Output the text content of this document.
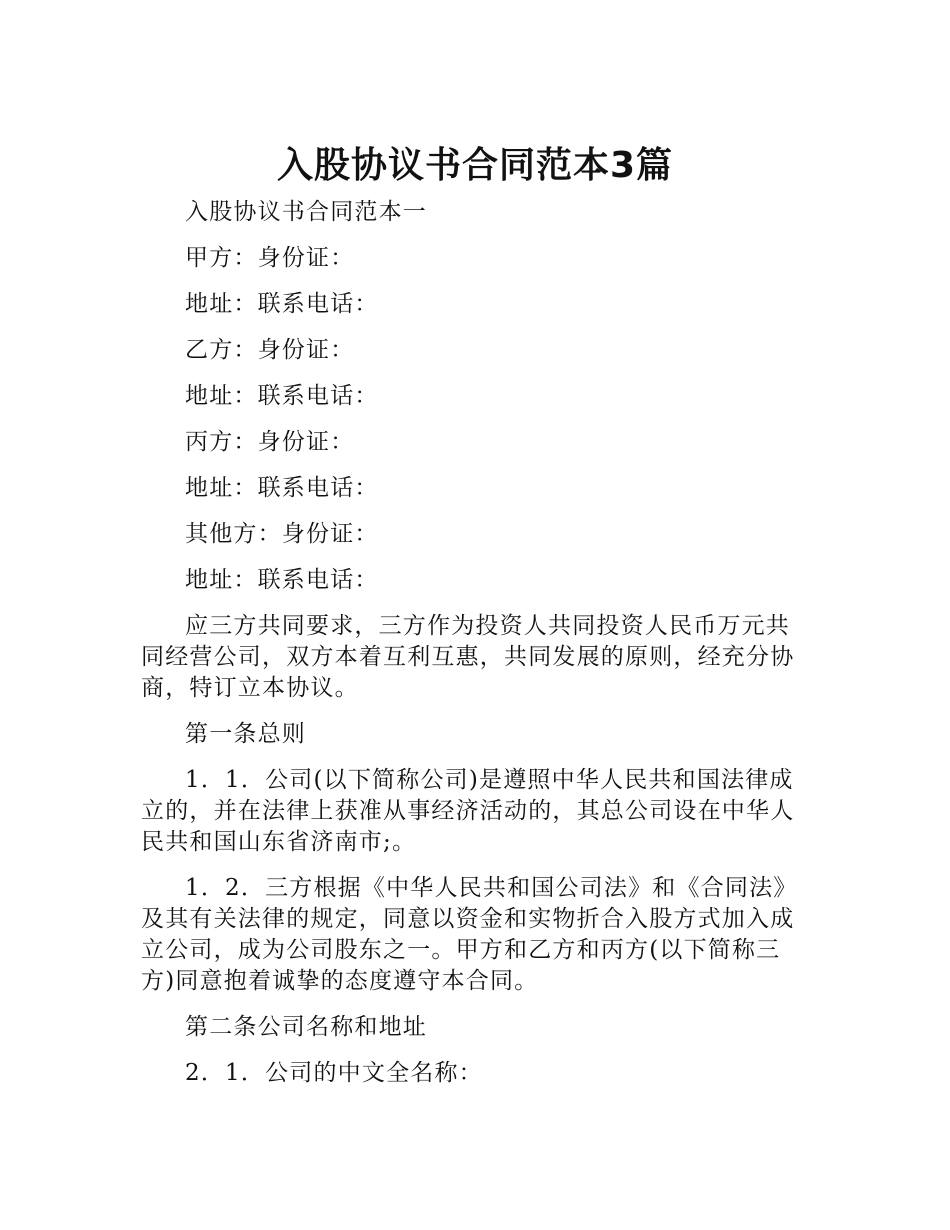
入股协议书合同范本3篇

入股协议书合同范本一

甲方：身份证：

地址：联系电话：

乙方：身份证：

地址：联系电话：

丙方：身份证：

地址：联系电话：

其他方：身份证：

地址：联系电话：

应三方共同要求，三方作为投资人共同投资人民币万元共同经营公司，双方本着互利互惠，共同发展的原则，经充分协商，特订立本协议。

第一条总则

1．1．公司(以下简称公司)是遵照中华人民共和国法律成立的，并在法律上获准从事经济活动的，其总公司设在中华人民共和国山东省济南市;。

1．2．三方根据《中华人民共和国公司法》和《合同法》及其有关法律的规定，同意以资金和实物折合入股方式加入成立公司，成为公司股东之一。甲方和乙方和丙方(以下简称三方)同意抱着诚挚的态度遵守本合同。

第二条公司名称和地址

2．1．公司的中文全名称：
